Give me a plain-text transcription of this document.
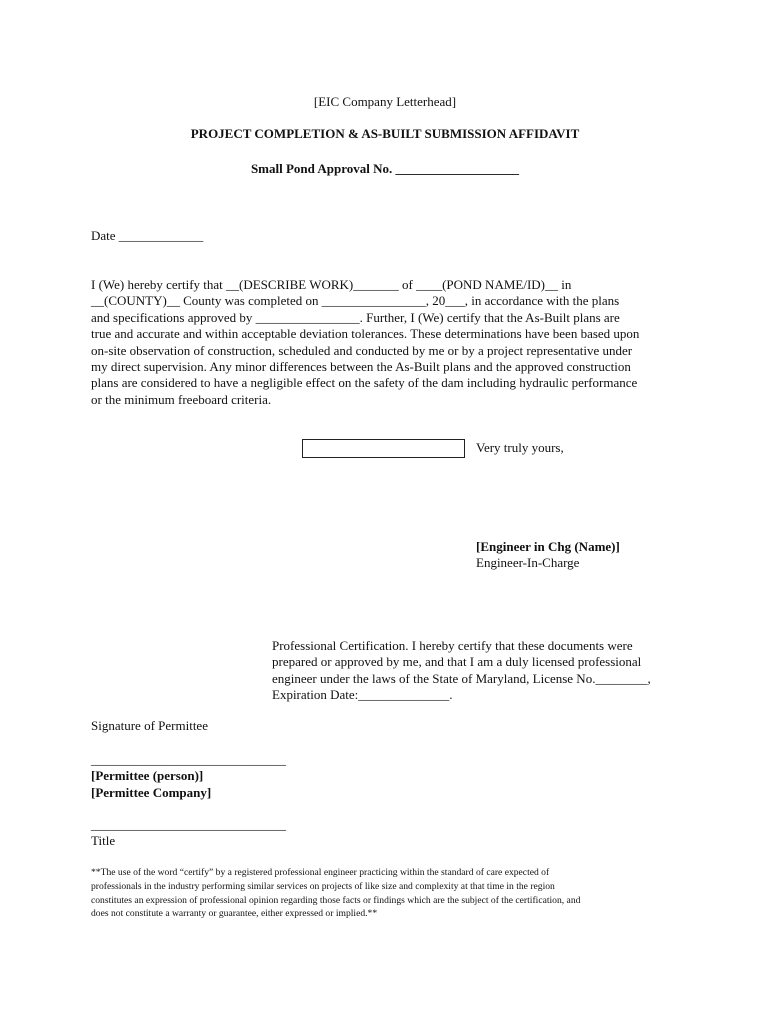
[EIC Company Letterhead]

PROJECT COMPLETION & AS-BUILT SUBMISSION AFFIDAVIT

Small Pond Approval No. ___________________

Date _____________

I (We) hereby certify that __(DESCRIBE WORK)_______ of ____(POND NAME/ID)__ in
__(COUNTY)__ County was completed on ________________, 20___, in accordance with the plans
and specifications approved by ________________. Further, I (We) certify that the As-Built plans are
true and accurate and within acceptable deviation tolerances. These determinations have been based upon
on-site observation of construction, scheduled and conducted by me or by a project representative under
my direct supervision. Any minor differences between the As-Built plans and the approved construction
plans are considered to have a negligible effect on the safety of the dam including hydraulic performance
or the minimum freeboard criteria.

Very truly yours,

[Engineer in Chg (Name)]

Engineer-In-Charge

Professional Certification. I hereby certify that these documents were
prepared or approved by me, and that I am a duly licensed professional
engineer under the laws of the State of Maryland, License No.________,
Expiration Date:______________.

Signature of Permittee

______________________________

[Permittee (person)]

[Permittee Company]

______________________________

Title

**The use of the word “certify” by a registered professional engineer practicing within the standard of care expected of
professionals in the industry performing similar services on projects of like size and complexity at that time in the region
constitutes an expression of professional opinion regarding those facts or findings which are the subject of the certification, and
does not constitute a warranty or guarantee, either expressed or implied.**
